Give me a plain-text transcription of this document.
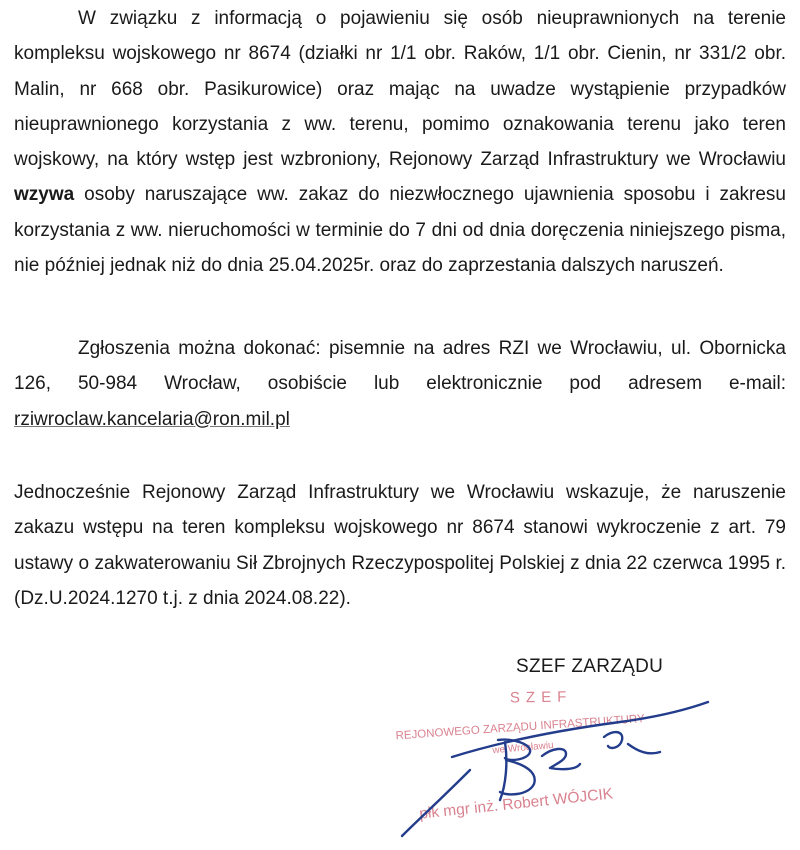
W związku z informacją o pojawieniu się osób nieuprawnionych na terenie kompleksu wojskowego nr 8674 (działki nr 1/1 obr. Raków, 1/1 obr. Cienin, nr 331/2 obr. Malin, nr 668 obr. Pasikurowice) oraz mając na uwadze wystąpienie przypadków nieuprawnionego korzystania z ww. terenu, pomimo oznakowania terenu jako teren wojskowy, na który wstęp jest wzbroniony, Rejonowy Zarząd Infrastruktury we Wrocławiu wzywa osoby naruszające ww. zakaz do niezwłocznego ujawnienia sposobu i zakresu korzystania z ww. nieruchomości w terminie do 7 dni od dnia doręczenia niniejszego pisma, nie później jednak niż do dnia 25.04.2025r. oraz do zaprzestania dalszych naruszeń.

Zgłoszenia można dokonać: pisemnie na adres RZI we Wrocławiu, ul. Obornicka 126, 50-984 Wrocław, osobiście lub elektronicznie pod adresem e-mail: rziwroclaw.kancelaria@ron.mil.pl

Jednocześnie Rejonowy Zarząd Infrastruktury we Wrocławiu wskazuje, że naruszenie zakazu wstępu na teren kompleksu wojskowego nr 8674 stanowi wykroczenie z art. 79 ustawy o zakwaterowaniu Sił Zbrojnych Rzeczypospolitej Polskiej z dnia 22 czerwca 1995 r. (Dz.U.2024.1270 t.j. z dnia 2024.08.22).

SZEF ZARZĄDU
SZEF
REJONOWEGO ZARZĄDU INFRASTRUKTURY
we Wrocławiu
płk mgr inż. Robert WÓJCIK
